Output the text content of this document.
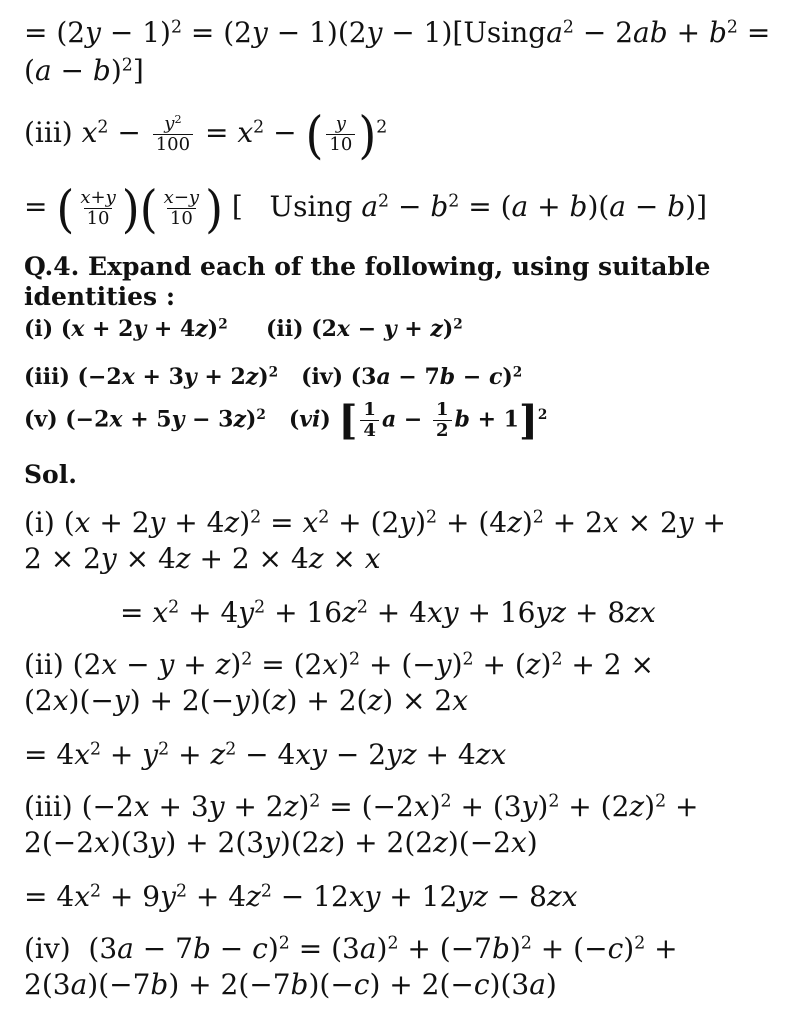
= $(2y - 1)^2 = (2y - 1)(2y$ − 1)[Usinga$^2$ − $2ab + b^2$ =
$(a - b)^2$]
(iii) $x^2 - \frac{y^2}{100} = x^2$ − ( $\frac{y}{10} )^2$
= ( $\frac{x+y}{10}$ )( $\frac{x-y}{10}$ ) [   Using $a^2 - b^2 = (a + b)(a - b)$]
Q.4. Expand each of the following, using suitable
identities :
(i) $(x + 2y + 4z)^2$     (ii) $(2x - y + z)^2$
(iii) $(-2x + 3y + 2z)^2$   (iv) $(3a - 7b - c)^2$
(v) $(-2x + 5y - 3z)^2$   (vi) [ $\frac{1}{4}$ $a - \frac{1}{2}$ b + 1]$^2$
Sol.
(i) $(x + 2y + 4z)^2 = x^2 + (2y)^2 + (4z)^2 + 2x \times 2y$ +
2 × 2y × 4z + 2 × 4z × x
= $x^2 + 4y^2 + 16z^2 + 4xy + 16yz + 8zx$
(ii) $(2x - y + z)^2 = (2x)^2 + (-y)^2 + (z)^2 + 2$ ×
(2x)(−y) + 2(−y)(z) + 2(z) × 2x
= $4x^2 + y^2 + z^2 - 4xy - 2yz + 4zx$
(iii) $(-2x + 3y + 2z)^2 = (-2x)^2 + (3y)^2 + (2z)^2$ +
2(−2x)(3y) + 2(3y)(2z) + 2(2z)(−2x)
= $4x^2 + 9y^2 + 4z^2 - 12xy + 12yz - 8zx$
(iv)  $(3a - 7b - c)^2 = (3a)^2 + (-7b)^2 + (-c)^2$ +
2(3a)(−7b) + 2(−7b)(−c) + 2(−c)(3a)
